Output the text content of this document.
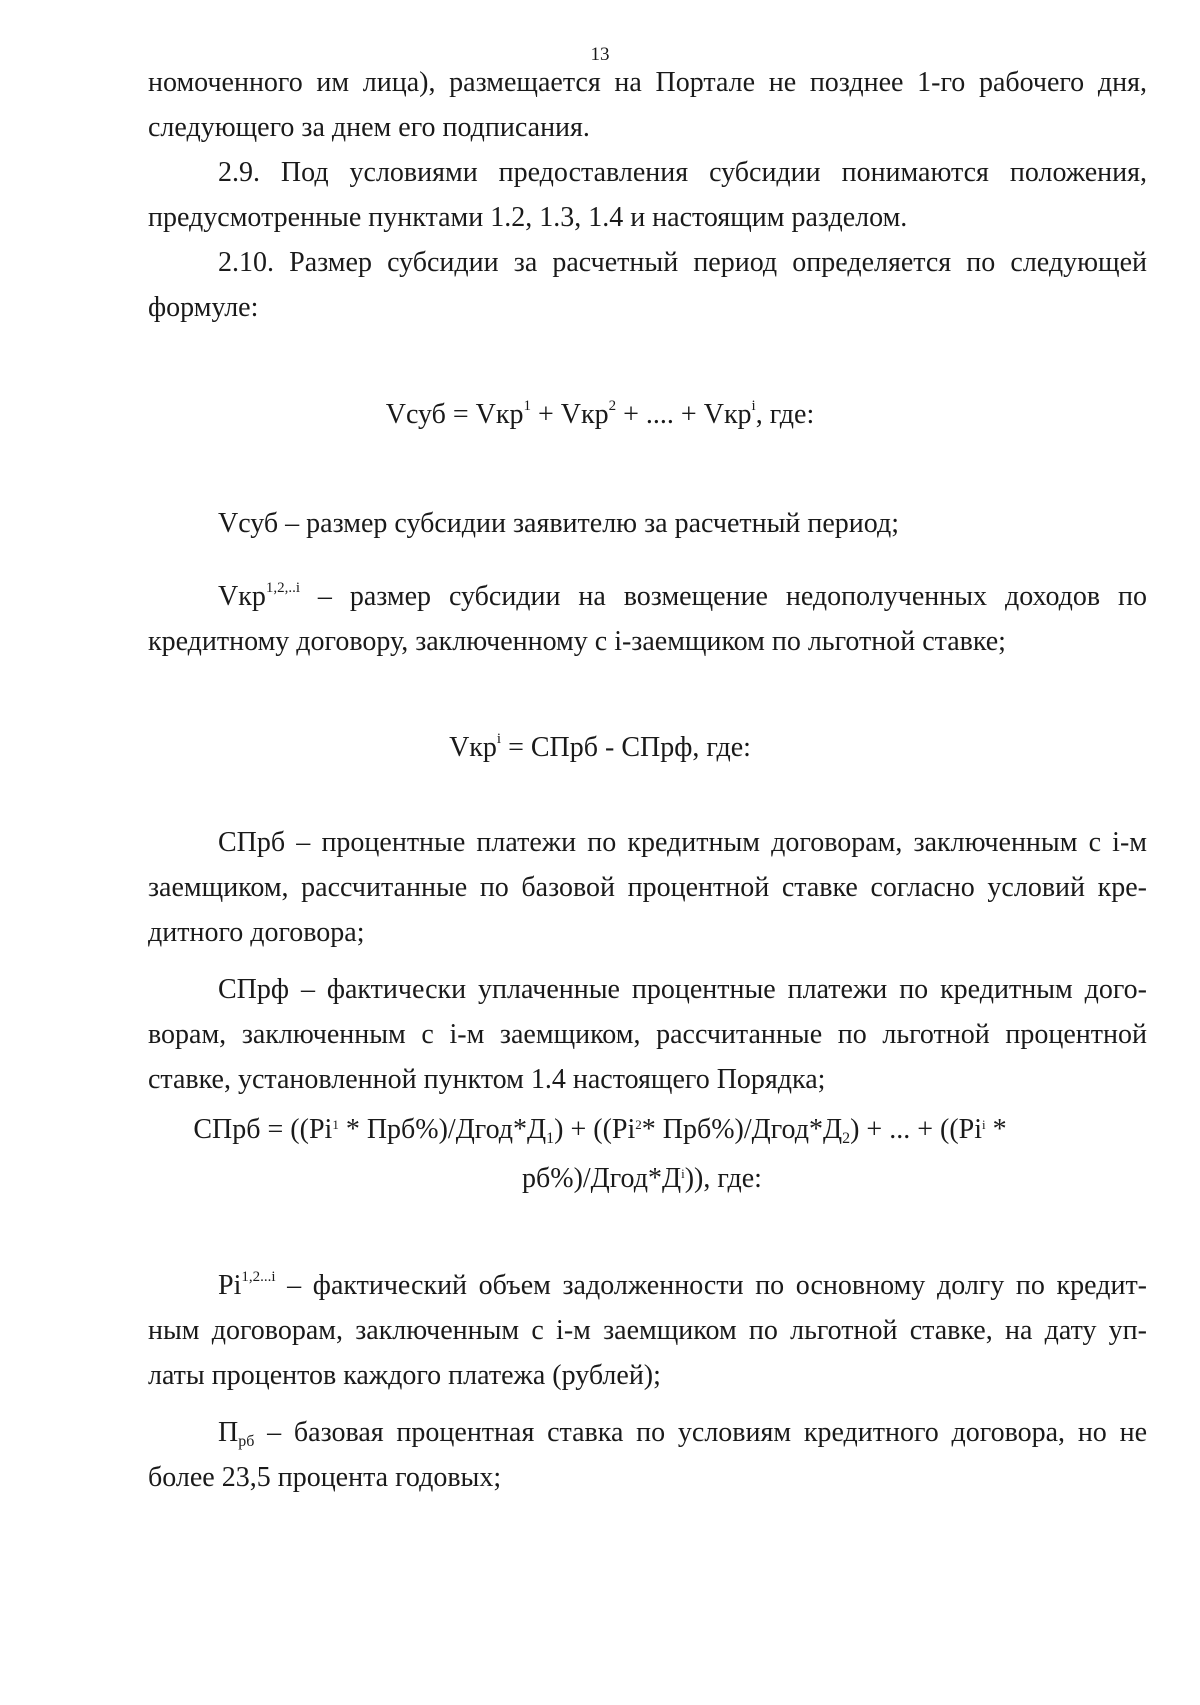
13
номоченного им лица), размещается на Портале не позднее 1-го рабочего дня,
следующего за днем его подписания.
2.9. Под условиями предоставления субсидии понимаются положения,
предусмотренные пунктами 1.2, 1.3, 1.4 и настоящим разделом.
2.10. Размер субсидии за расчетный период определяется по следующей
формуле:
Vсуб = Vкр$^1$ + Vкр$^2$ + .... + Vкр$^i$, где:
Vсуб – размер субсидии заявителю за расчетный период;
Vкр$^{1,2,..i}$ – размер субсидии на возмещение недополученных доходов по
кредитному договору, заключенному с i-заемщиком по льготной ставке;
Vкр$^i$ = СПрб - СПрф, где:
СПрб – процентные платежи по кредитным договорам, заключенным с i-м
заемщиком, рассчитанные по базовой процентной ставке согласно условий кре-
дитного договора;
СПрф – фактически уплаченные процентные платежи по кредитным дого-
ворам, заключенным с i-м заемщиком, рассчитанные по льготной процентной
ставке, установленной пунктом 1.4 настоящего Порядка;
СПрб = (($Pi^1$ * $Прб\%)/Дгод*Д_1) + ((Pi^2*$ $Прб\%)/Дгод*Д_2$) + ... + (($Pi^i$ *
$рб\%)/Дгод*Д^i$)), где:
$Pi^{1,2...i}$ – фактический объем задолженности по основному долгу по кредит-
ным договорам, заключенным с i-м заемщиком по льготной ставке, на дату уп-
латы процентов каждого платежа (рублей);
$П_{рб}$ – базовая процентная ставка по условиям кредитного договора, но не
более 23,5 процента годовых;
